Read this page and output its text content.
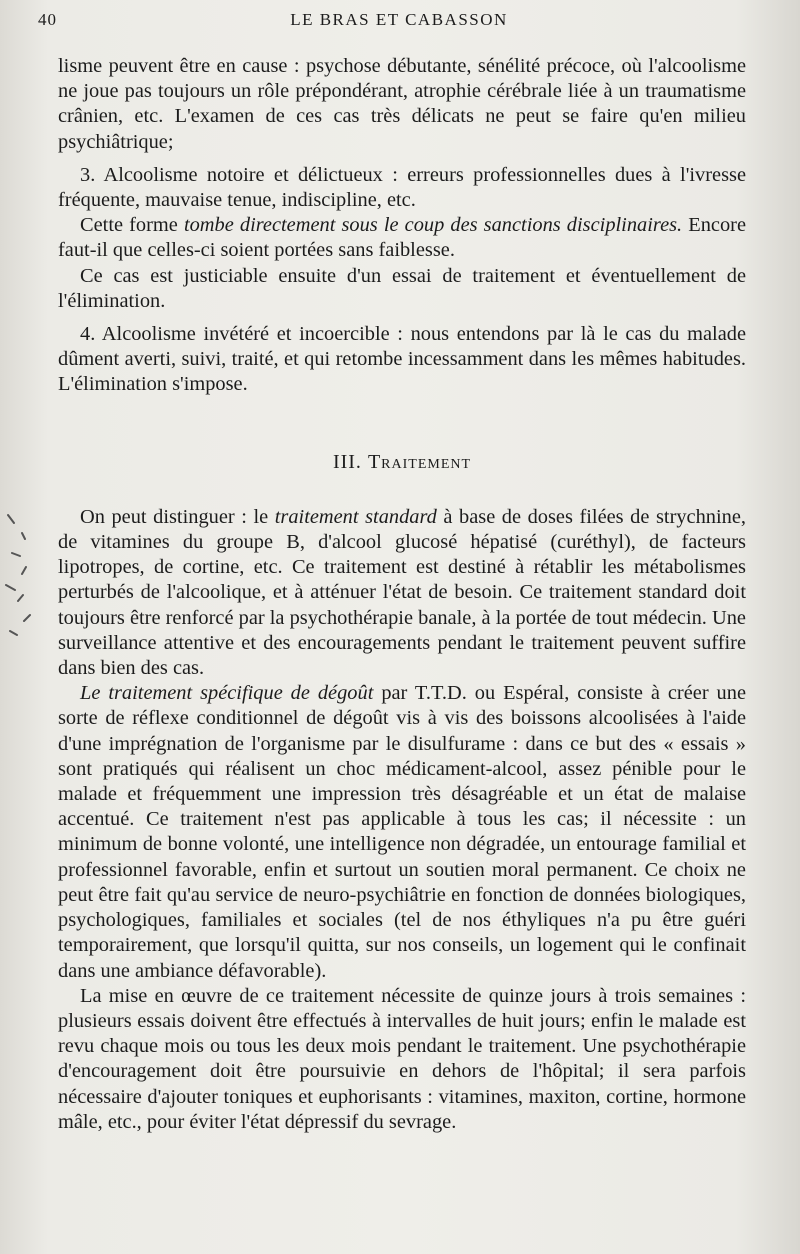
40	LE BRAS ET CABASSON

lisme peuvent être en cause : psychose débutante, sénélité précoce, où l'alcoolisme ne joue pas toujours un rôle prépondérant, atrophie cérébrale liée à un traumatisme crânien, etc. L'examen de ces cas très délicats ne peut se faire qu'en milieu psychiâtrique;

3. Alcoolisme notoire et délictueux : erreurs professionnelles dues à l'ivresse fréquente, mauvaise tenue, indiscipline, etc.

Cette forme tombe directement sous le coup des sanctions disciplinaires. Encore faut-il que celles-ci soient portées sans faiblesse.

Ce cas est justiciable ensuite d'un essai de traitement et éventuellement de l'élimination.

4. Alcoolisme invétéré et incoercible : nous entendons par là le cas du malade dûment averti, suivi, traité, et qui retombe incessamment dans les mêmes habitudes. L'élimination s'impose.

III. Traitement

On peut distinguer : le traitement standard à base de doses filées de strychnine, de vitamines du groupe B, d'alcool glucosé hépatisé (curéthyl), de facteurs lipotropes, de cortine, etc. Ce traitement est destiné à rétablir les métabolismes perturbés de l'alcoolique, et à atténuer l'état de besoin. Ce traitement standard doit toujours être renforcé par la psychothérapie banale, à la portée de tout médecin. Une surveillance attentive et des encouragements pendant le traitement peuvent suffire dans bien des cas.

Le traitement spécifique de dégoût par T.T.D. ou Espéral, consiste à créer une sorte de réflexe conditionnel de dégoût vis à vis des boissons alcoolisées à l'aide d'une imprégnation de l'organisme par le disulfurame : dans ce but des « essais » sont pratiqués qui réalisent un choc médicament-alcool, assez pénible pour le malade et fréquemment une impression très désagréable et un état de malaise accentué. Ce traitement n'est pas applicable à tous les cas; il nécessite : un minimum de bonne volonté, une intelligence non dégradée, un entourage familial et professionnel favorable, enfin et surtout un soutien moral permanent. Ce choix ne peut être fait qu'au service de neuro-psychiâtrie en fonction de données biologiques, psychologiques, familiales et sociales (tel de nos éthyliques n'a pu être guéri temporairement, que lorsqu'il quitta, sur nos conseils, un logement qui le confinait dans une ambiance défavorable).

La mise en œuvre de ce traitement nécessite de quinze jours à trois semaines : plusieurs essais doivent être effectués à intervalles de huit jours; enfin le malade est revu chaque mois ou tous les deux mois pendant le traitement. Une psychothérapie d'encouragement doit être poursuivie en dehors de l'hôpital; il sera parfois nécessaire d'ajouter toniques et euphorisants : vitamines, maxiton, cortine, hormone mâle, etc., pour éviter l'état dépressif du sevrage.
